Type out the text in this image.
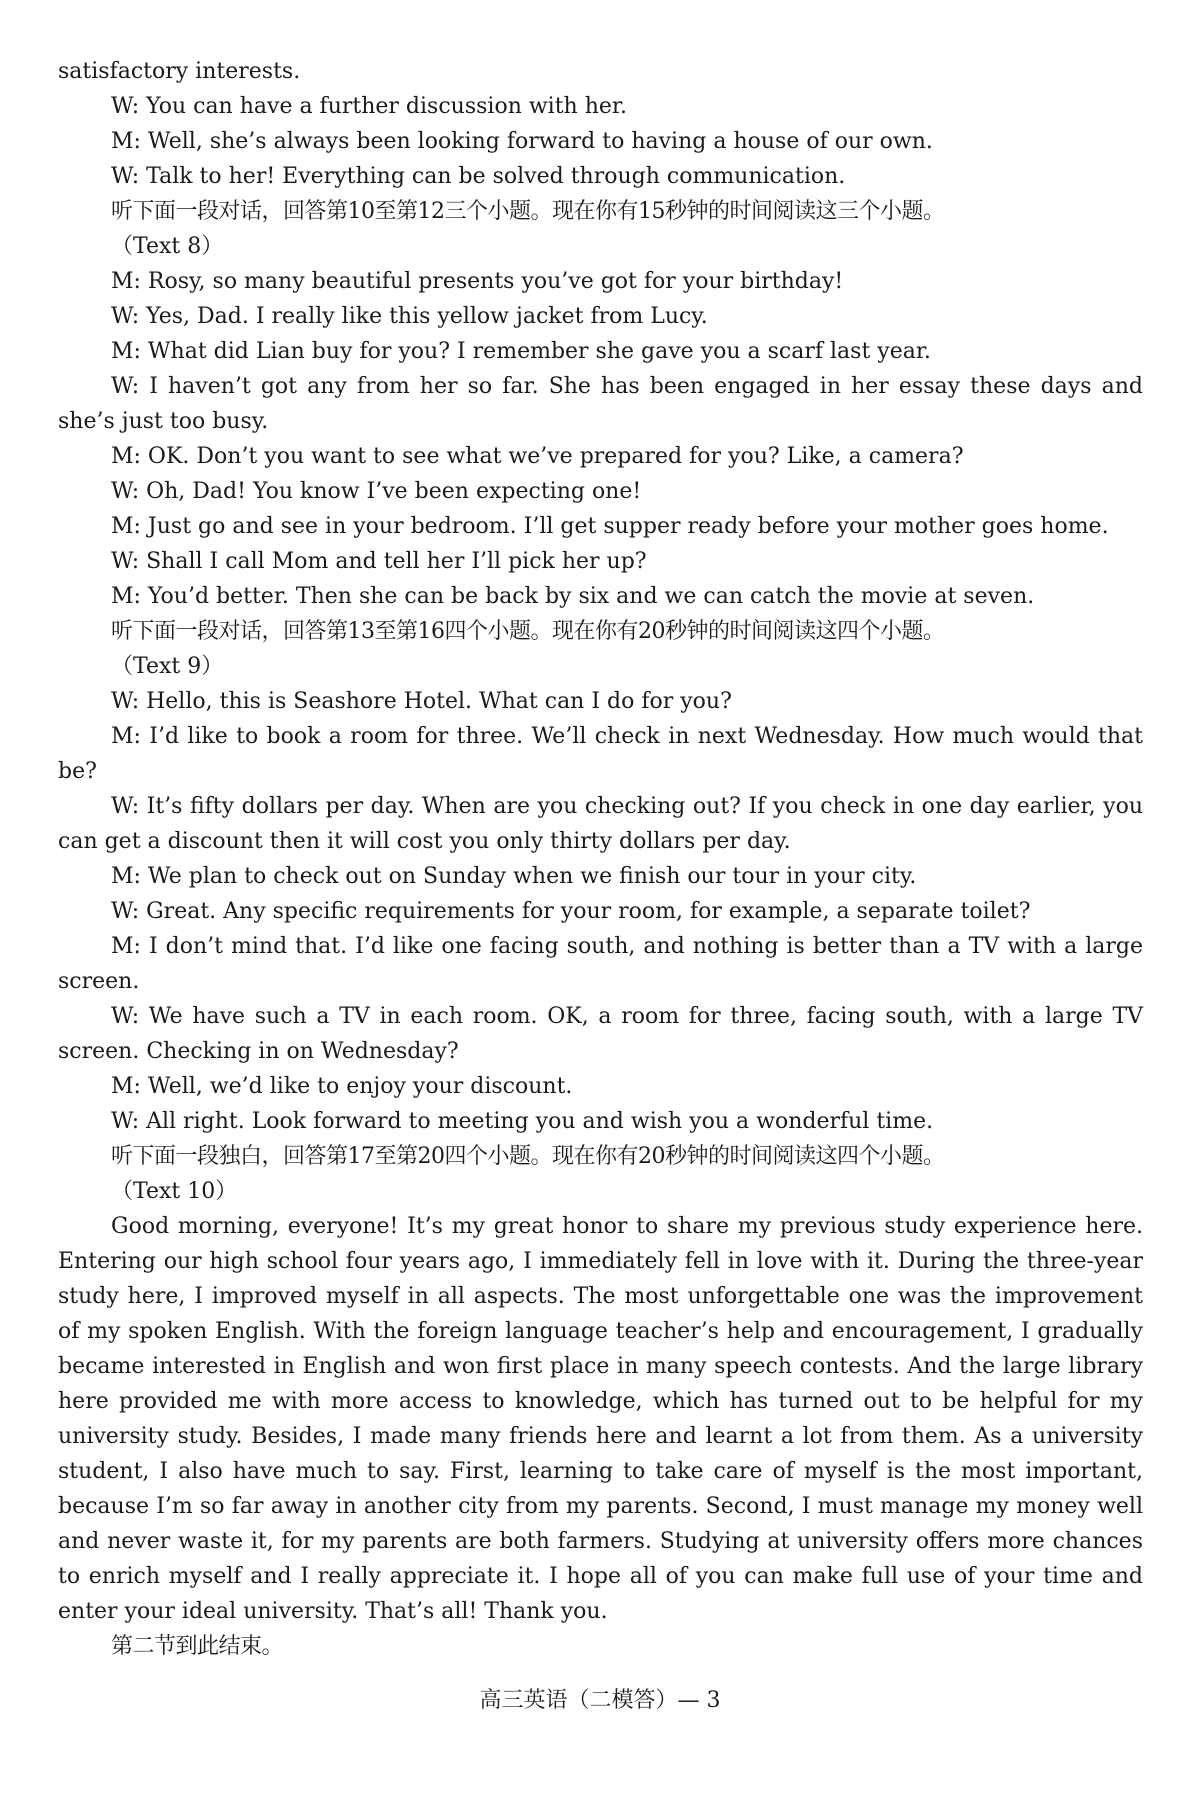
satisfactory interests.

W: You can have a further discussion with her.

M: Well, she’s always been looking forward to having a house of our own.

W: Talk to her! Everything can be solved through communication.

听下面一段对话，回答第10至第12三个小题。现在你有15秒钟的时间阅读这三个小题。

（Text 8）

M: Rosy, so many beautiful presents you’ve got for your birthday!

W: Yes, Dad. I really like this yellow jacket from Lucy.

M: What did Lian buy for you? I remember she gave you a scarf last year.

W: I haven’t got any from her so far. She has been engaged in her essay these days and she’s just too busy.

M: OK. Don’t you want to see what we’ve prepared for you? Like, a camera?

W: Oh, Dad! You know I’ve been expecting one!

M: Just go and see in your bedroom. I’ll get supper ready before your mother goes home.

W: Shall I call Mom and tell her I’ll pick her up?

M: You’d better. Then she can be back by six and we can catch the movie at seven.

听下面一段对话，回答第13至第16四个小题。现在你有20秒钟的时间阅读这四个小题。

（Text 9）

W: Hello, this is Seashore Hotel. What can I do for you?

M: I’d like to book a room for three. We’ll check in next Wednesday. How much would that be?

W: It’s fifty dollars per day. When are you checking out? If you check in one day earlier, you can get a discount then it will cost you only thirty dollars per day.

M: We plan to check out on Sunday when we finish our tour in your city.

W: Great. Any specific requirements for your room, for example, a separate toilet?

M: I don’t mind that. I’d like one facing south, and nothing is better than a TV with a large screen.

W: We have such a TV in each room. OK, a room for three, facing south, with a large TV screen. Checking in on Wednesday?

M: Well, we’d like to enjoy your discount.

W: All right. Look forward to meeting you and wish you a wonderful time.

听下面一段独白，回答第17至第20四个小题。现在你有20秒钟的时间阅读这四个小题。

（Text 10）

Good morning, everyone! It’s my great honor to share my previous study experience here. Entering our high school four years ago, I immediately fell in love with it. During the three-year study here, I improved myself in all aspects. The most unforgettable one was the improvement of my spoken English. With the foreign language teacher’s help and encouragement, I gradually became interested in English and won first place in many speech contests. And the large library here provided me with more access to knowledge, which has turned out to be helpful for my university study. Besides, I made many friends here and learnt a lot from them. As a university student, I also have much to say. First, learning to take care of myself is the most important, because I’m so far away in another city from my parents. Second, I must manage my money well and never waste it, for my parents are both farmers. Studying at university offers more chances to enrich myself and I really appreciate it. I hope all of you can make full use of your time and enter your ideal university. That’s all! Thank you.

第二节到此结束。

高三英语（二模答）— 3
